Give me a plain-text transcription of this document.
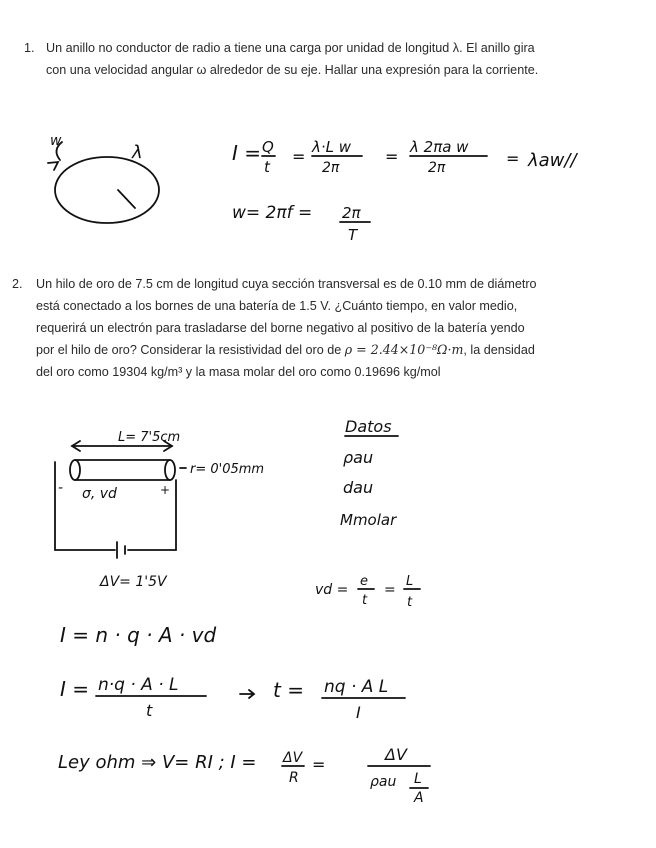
1. Un anillo no conductor de radio a tiene una carga por unidad de longitud λ. El anillo gira
con una velocidad angular ω alrededor de su eje. Hallar una expresión para la corriente.
2. Un hilo de oro de 7.5 cm de longitud cuya sección transversal es de 0.10 mm de diámetro
está conectado a los bornes de una batería de 1.5 V. ¿Cuánto tiempo, en valor medio,
requerirá un electrón para trasladarse del borne negativo al positivo de la batería yendo
por el hilo de oro? Considerar la resistividad del oro de ρ = 2.44×10⁻⁸Ω·m, la densidad
del oro como 19304 kg/m³ y la masa molar del oro como 0.19696 kg/mol
w
λ	I = Q
t
= λ·L w
2π
= λ 2πa w
2π	= λaw//
w= 2πf = 2π
T
L= 7'5cm
r= 0'05mm
-	+
σ, vd
ΔV= 1'5V
Datos
ρau
dau
Mmolar
vd =
e
t
=
L
t
I = n · q · A · vd
I = n·q · A · L
t
t = nq · A L
I
Ley ohm ⇒ V= RI ; I = ΔV
R
=
ΔV
ρau L
A
